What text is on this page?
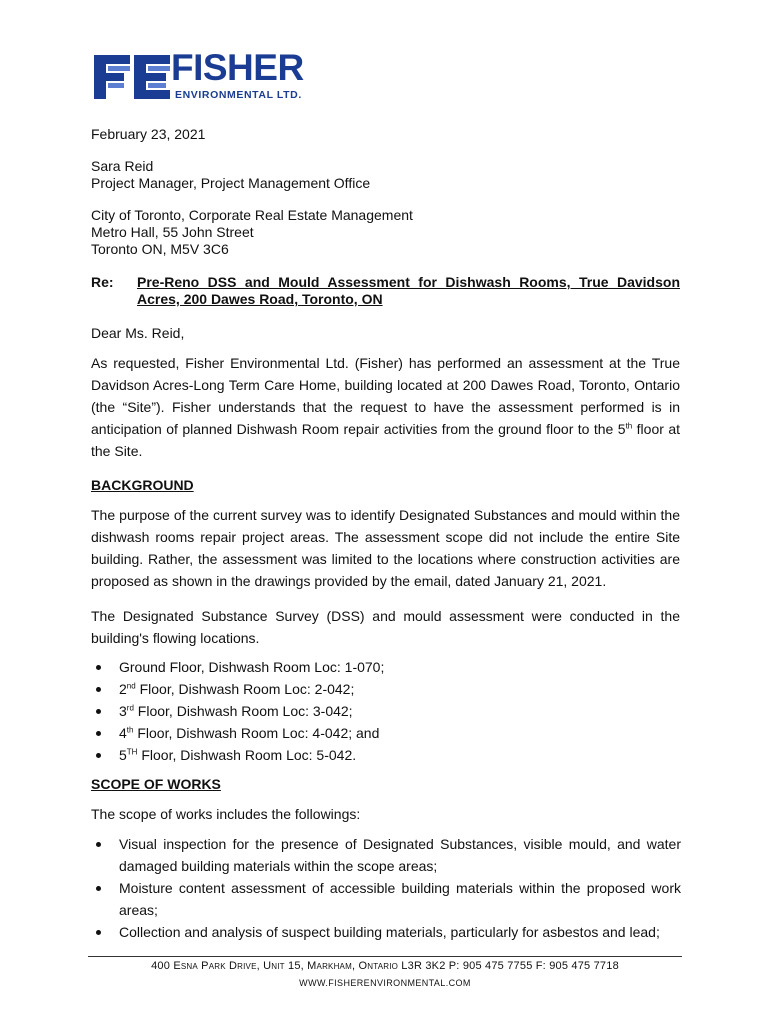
FISHER
ENVIRONMENTAL LTD.
February 23, 2021
Sara Reid
Project Manager, Project Management Office
City of Toronto, Corporate Real Estate Management
Metro Hall, 55 John Street
Toronto ON, M5V 3C6
Re: Pre-Reno DSS and Mould Assessment for Dishwash Rooms, True Davidson Acres, 200 Dawes Road, Toronto, ON
Dear Ms. Reid,
As requested, Fisher Environmental Ltd. (Fisher) has performed an assessment at the True Davidson Acres-Long Term Care Home, building located at 200 Dawes Road, Toronto, Ontario (the “Site”). Fisher understands that the request to have the assessment performed is in anticipation of planned Dishwash Room repair activities from the ground floor to the 5th floor at the Site.
BACKGROUND
The purpose of the current survey was to identify Designated Substances and mould within the dishwash rooms repair project areas. The assessment scope did not include the entire Site building. Rather, the assessment was limited to the locations where construction activities are proposed as shown in the drawings provided by the email, dated January 21, 2021.
The Designated Substance Survey (DSS) and mould assessment were conducted in the building's flowing locations.
Ground Floor, Dishwash Room Loc: 1-070;
2nd Floor, Dishwash Room Loc: 2-042;
3rd Floor, Dishwash Room Loc: 3-042;
4th Floor, Dishwash Room Loc: 4-042; and
5TH Floor, Dishwash Room Loc: 5-042.
SCOPE OF WORKS
The scope of works includes the followings:
Visual inspection for the presence of Designated Substances, visible mould, and water damaged building materials within the scope areas;
Moisture content assessment of accessible building materials within the proposed work areas;
Collection and analysis of suspect building materials, particularly for asbestos and lead;
400 Esna Park Drive, Unit 15, Markham, Ontario L3R 3K2 P: 905 475 7755 F: 905 475 7718
WWW.FISHERENVIRONMENTAL.COM
